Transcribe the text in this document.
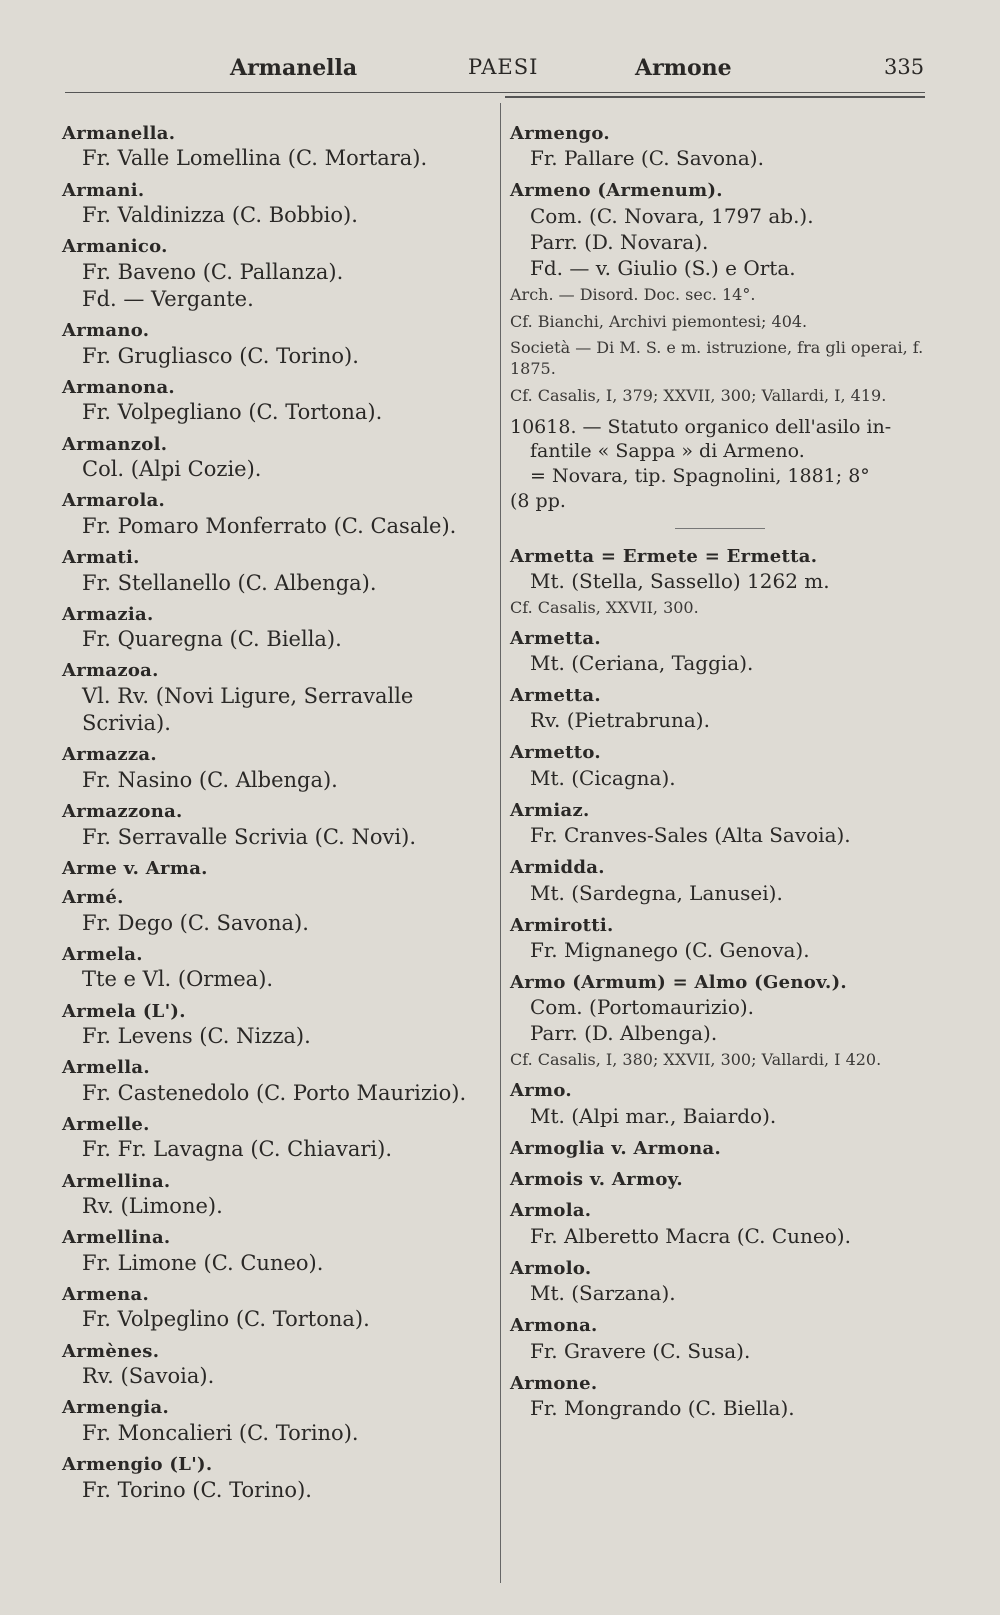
Armanella	PAESI	Armone	335
Armanella.
Fr. Valle Lomellina (C. Mortara).
Armani.
Fr. Valdinizza (C. Bobbio).
Armanico.
Fr. Baveno (C. Pallanza).
Fd. — Vergante.
Armano.
Fr. Grugliasco (C. Torino).
Armanona.
Fr. Volpegliano (C. Tortona).
Armanzol.
Col. (Alpi Cozie).
Armarola.
Fr. Pomaro Monferrato (C. Casale).
Armati.
Fr. Stellanello (C. Albenga).
Armazia.
Fr. Quaregna (C. Biella).
Armazoa.
Vl. Rv. (Novi Ligure, Serravalle Scrivia).
Armazza.
Fr. Nasino (C. Albenga).
Armazzona.
Fr. Serravalle Scrivia (C. Novi).
Arme v. Arma.
Armé.
Fr. Dego (C. Savona).
Armela.
Tte e Vl. (Ormea).
Armela (L').
Fr. Levens (C. Nizza).
Armella.
Fr. Castenedolo (C. Porto Maurizio).
Armelle.
Fr. Fr. Lavagna (C. Chiavari).
Armellina.
Rv. (Limone).
Armellina.
Fr. Limone (C. Cuneo).
Armena.
Fr. Volpeglino (C. Tortona).
Armènes.
Rv. (Savoia).
Armengia.
Fr. Moncalieri (C. Torino).
Armengio (L').
Fr. Torino (C. Torino).
Armengo.
Fr. Pallare (C. Savona).
Armeno (Armenum).
Com. (C. Novara, 1797 ab.).
Parr. (D. Novara).
Fd. — v. Giulio (S.) e Orta.
Arch. — Disord. Doc. sec. 14°.
Cf. Bianchi, Archivi piemontesi; 404.
Società — Di M. S. e m. istruzione, fra gli operai, f. 1875.
Cf. Casalis, I, 379; XXVII, 300; Vallardi, I, 419.
10618. — Statuto organico dell'asilo in-
fantile « Sappa » di Armeno.
= Novara, tip. Spagnolini, 1881; 8°
(8 pp.
Armetta = Ermete = Ermetta.
Mt. (Stella, Sassello) 1262 m.
Cf. Casalis, XXVII, 300.
Armetta.
Mt. (Ceriana, Taggia).
Armetta.
Rv. (Pietrabruna).
Armetto.
Mt. (Cicagna).
Armiaz.
Fr. Cranves-Sales (Alta Savoia).
Armidda.
Mt. (Sardegna, Lanusei).
Armirotti.
Fr. Mignanego (C. Genova).
Armo (Armum) = Almo (Genov.).
Com. (Portomaurizio).
Parr. (D. Albenga).
Cf. Casalis, I, 380; XXVII, 300; Vallardi, I 420.
Armo.
Mt. (Alpi mar., Baiardo).
Armoglia v. Armona.
Armois v. Armoy.
Armola.
Fr. Alberetto Macra (C. Cuneo).
Armolo.
Mt. (Sarzana).
Armona.
Fr. Gravere (C. Susa).
Armone.
Fr. Mongrando (C. Biella).
